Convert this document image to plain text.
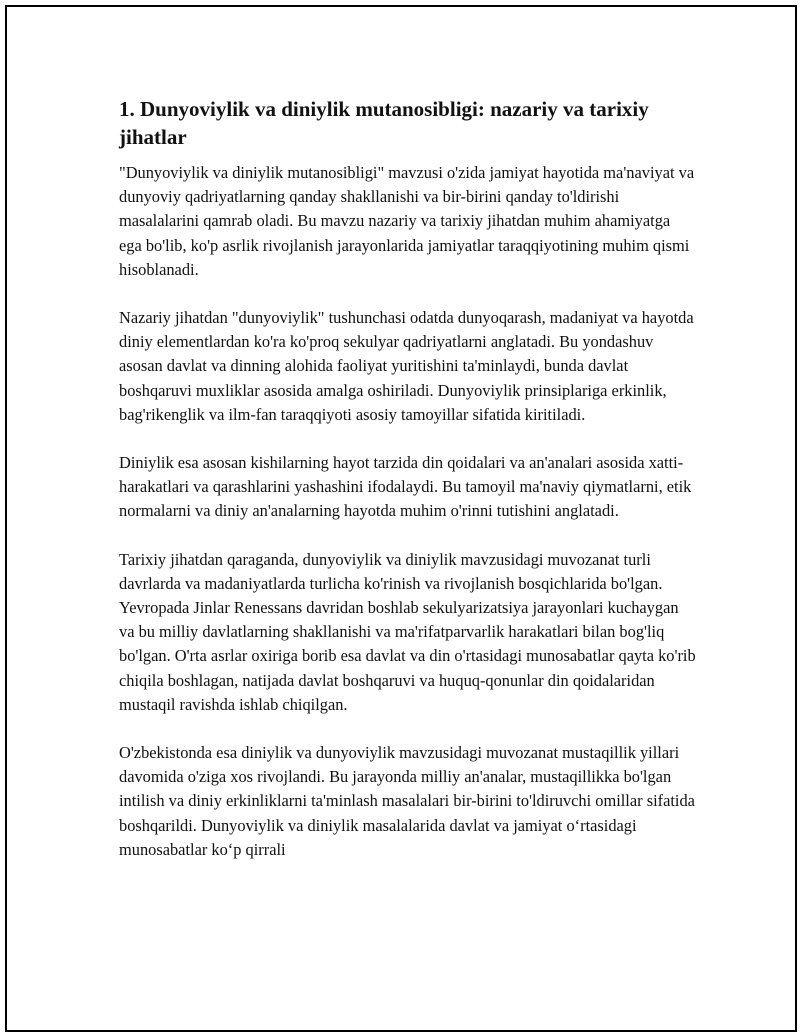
1. Dunyoviylik va diniylik mutanosibligi: nazariy va tarixiy jihatlar

"Dunyoviylik va diniylik mutanosibligi" mavzusi o'zida jamiyat hayotida ma'naviyat va dunyoviy qadriyatlarning qanday shakllanishi va bir-birini qanday to'ldirishi masalalarini qamrab oladi. Bu mavzu nazariy va tarixiy jihatdan muhim ahamiyatga ega bo'lib, ko'p asrlik rivojlanish jarayonlarida jamiyatlar taraqqiyotining muhim qismi hisoblanadi.

Nazariy jihatdan "dunyoviylik" tushunchasi odatda dunyoqarash, madaniyat va hayotda diniy elementlardan ko'ra ko'proq sekulyar qadriyatlarni anglatadi. Bu yondashuv asosan davlat va dinning alohida faoliyat yuritishini ta'minlaydi, bunda davlat boshqaruvi muxliklar asosida amalga oshiriladi. Dunyoviylik prinsiplariga erkinlik, bag'rikenglik va ilm-fan taraqqiyoti asosiy tamoyillar sifatida kiritiladi.

Diniylik esa asosan kishilarning hayot tarzida din qoidalari va an'analari asosida xatti-harakatlari va qarashlarini yashashini ifodalaydi. Bu tamoyil ma'naviy qiymatlarni, etik normalarni va diniy an'analarning hayotda muhim o'rinni tutishini anglatadi.

Tarixiy jihatdan qaraganda, dunyoviylik va diniylik mavzusidagi muvozanat turli davrlarda va madaniyatlarda turlicha ko'rinish va rivojlanish bosqichlarida bo'lgan. Yevropada Jinlar Renessans davridan boshlab sekulyarizatsiya jarayonlari kuchaygan va bu milliy davlatlarning shakllanishi va ma'rifatparvarlik harakatlari bilan bog'liq bo'lgan. O'rta asrlar oxiriga borib esa davlat va din o'rtasidagi munosabatlar qayta ko'rib chiqila boshlagan, natijada davlat boshqaruvi va huquq-qonunlar din qoidalaridan mustaqil ravishda ishlab chiqilgan.

O'zbekistonda esa diniylik va dunyoviylik mavzusidagi muvozanat mustaqillik yillari davomida o'ziga xos rivojlandi. Bu jarayonda milliy an'analar, mustaqillikka bo'lgan intilish va diniy erkinliklarni ta'minlash masalalari bir-birini to'ldiruvchi omillar sifatida boshqarildi. Dunyoviylik va diniylik masalalarida davlat va jamiyat o‘rtasidagi munosabatlar ko‘p qirrali
